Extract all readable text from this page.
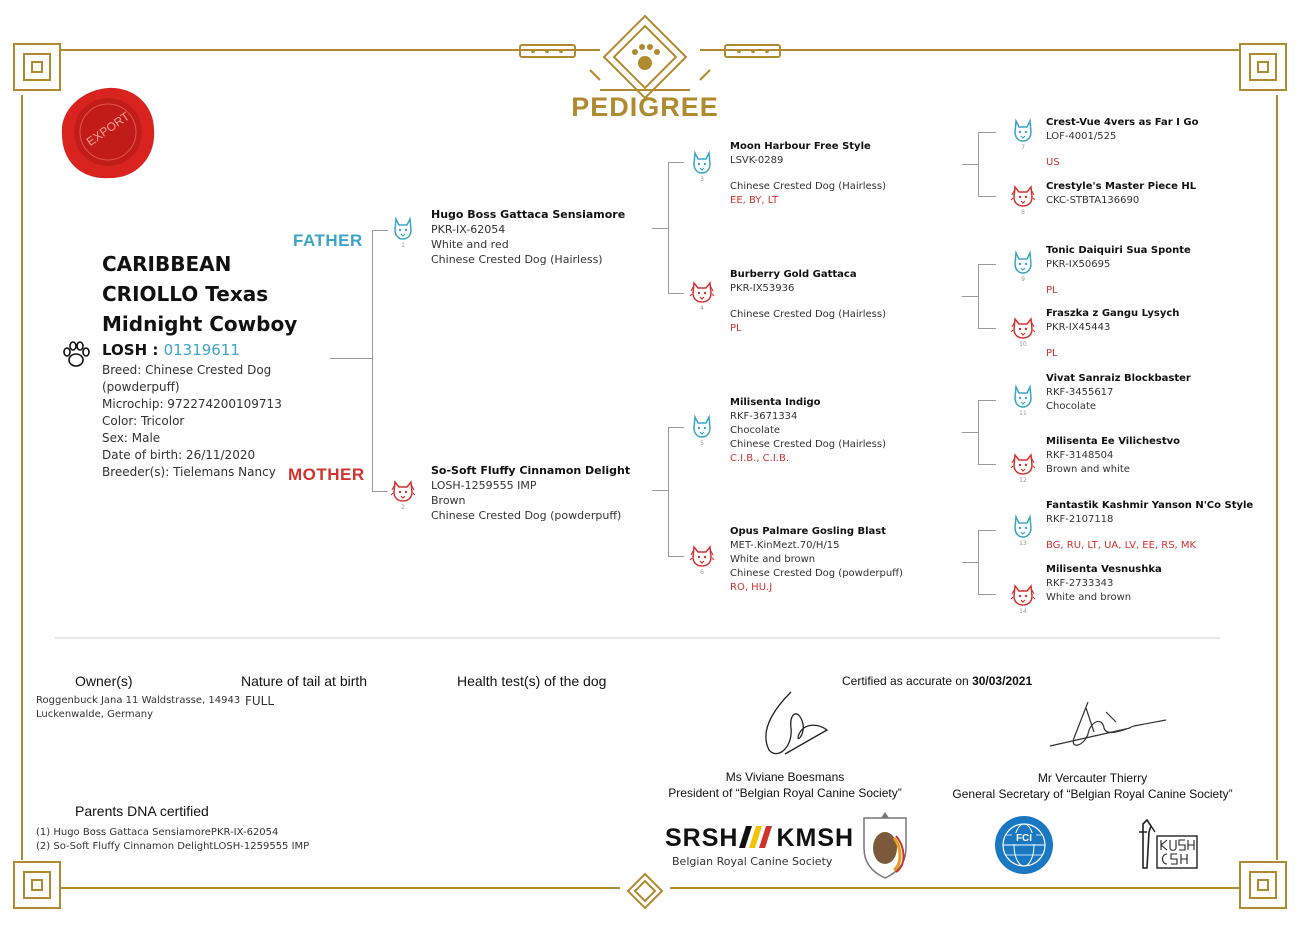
PEDIGREE
EXPORT
CARIBBEAN
CRIOLLO Texas
Midnight Cowboy
LOSH : 01319611
Breed: Chinese Crested Dog
(powderpuff)
Microchip: 972274200109713
Color: Tricolor
Sex: Male
Date of birth: 26/11/2020
Breeder(s): Tielemans Nancy
FATHER
MOTHER
1
Hugo Boss Gattaca Sensiamore
PKR-IX-62054
White and red
Chinese Crested Dog (Hairless)
2
So-Soft Fluffy Cinnamon Delight
LOSH-1259555 IMP
Brown
Chinese Crested Dog (powderpuff)
3
Moon Harbour Free Style
LSVK-0289
Chinese Crested Dog (Hairless)
EE, BY, LT
4
Burberry Gold Gattaca
PKR-IX53936
Chinese Crested Dog (Hairless)
PL
5
Milisenta Indigo
RKF-3671334
Chocolate
Chinese Crested Dog (Hairless)
C.I.B., C.I.B.
6
Opus Palmare Gosling Blast
MET-.KinMezt.70/H/15
White and brown
Chinese Crested Dog (powderpuff)
RO, HU.J
7
Crest-Vue 4vers as Far I Go
LOF-4001/525
US
8
Crestyle's Master Piece HL
CKC-STBTA136690
9
Tonic Daiquiri Sua Sponte
PKR-IX50695
PL
10
Fraszka z Gangu Lysych
PKR-IX45443
PL
11
Vivat Sanraiz Blockbaster
RKF-3455617
Chocolate
12
Milisenta Ee Vilichestvo
RKF-3148504
Brown and white
13
Fantastik Kashmir Yanson N'Co Style
RKF-2107118
BG, RU, LT, UA, LV, EE, RS, MK
14
Milisenta Vesnushka
RKF-2733343
White and brown
Owner(s)
Roggenbuck Jana 11 Waldstrasse, 14943
Luckenwalde, Germany
Nature of tail at birth
FULL
Health test(s) of the dog	Certified as accurate on 30/03/2021
Ms Viviane Boesmans
President of “Belgian Royal Canine Society”
Mr Vercauter Thierry
General Secretary of “Belgian Royal Canine Society”
Parents DNA certified
(1) Hugo Boss Gattaca SensiamorePKR-IX-62054
(2) So-Soft Fluffy Cinnamon DelightLOSH-1259555 IMP	SRSH KMSH
Belgian Royal Canine Society
FCI
